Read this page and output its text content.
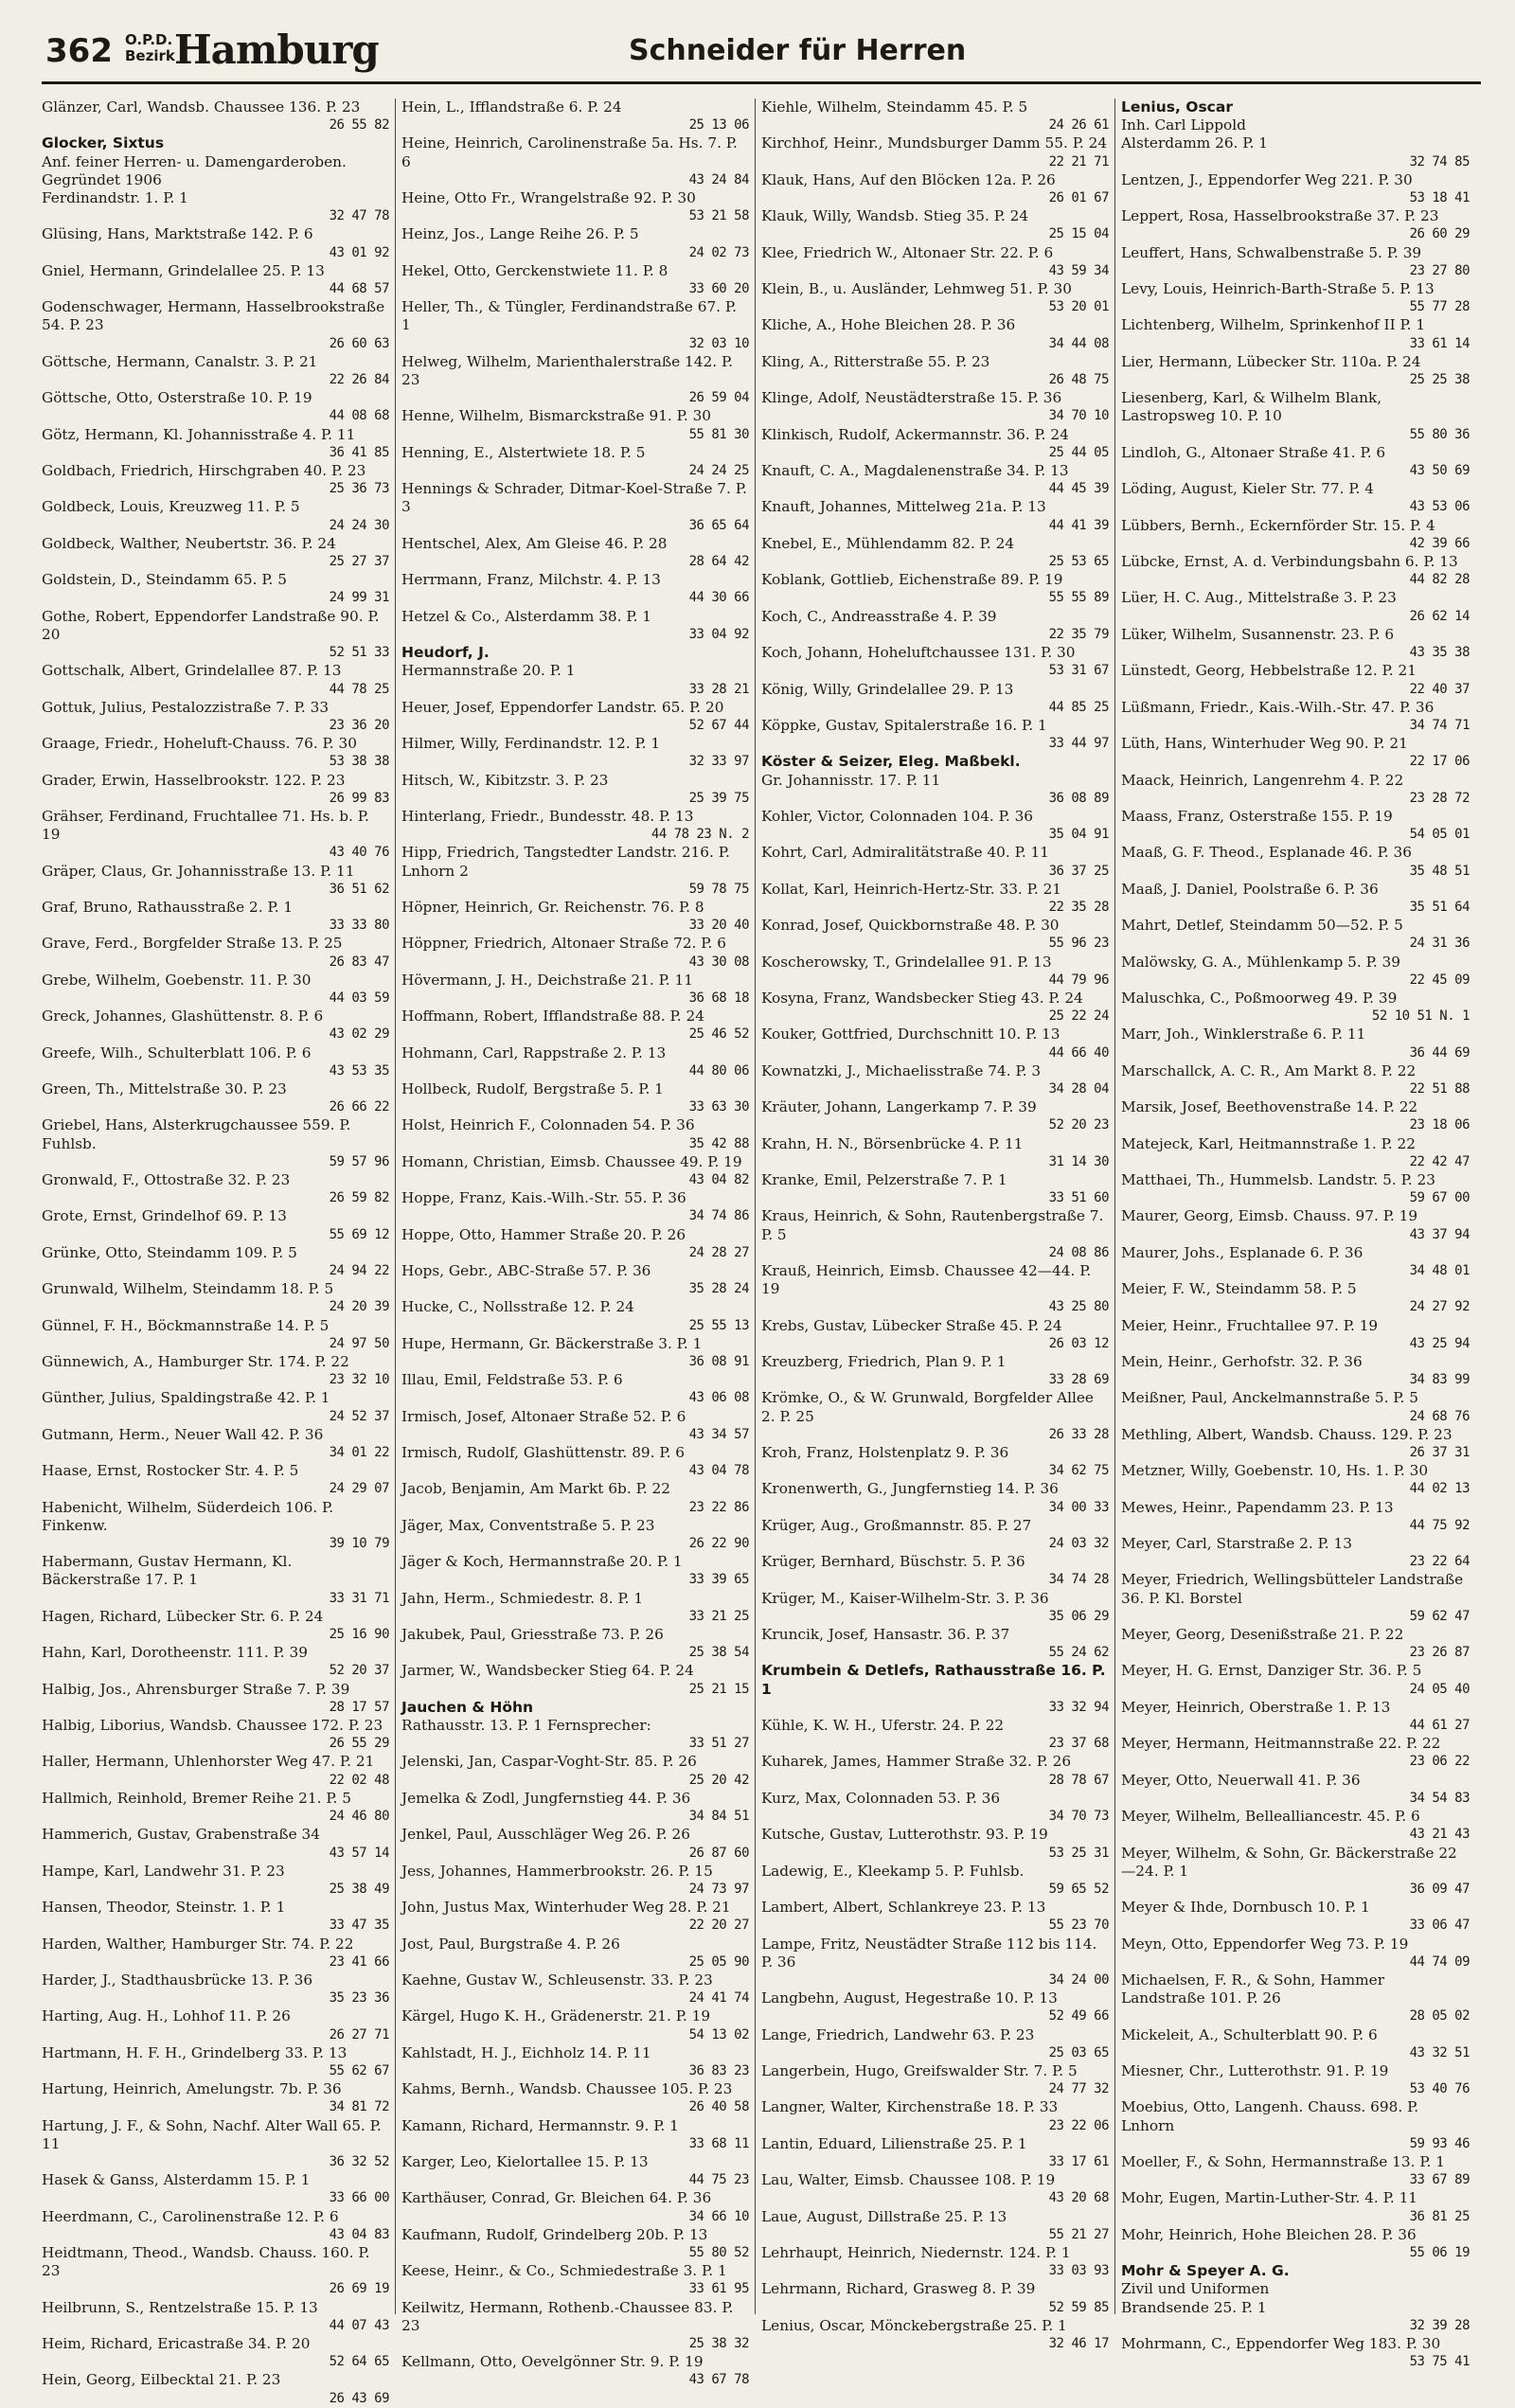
362 O.P.D.
Bezirk Hamburg	Schneider für Herren

Glänzer, Carl, Wandsb. Chaussee 136. P. 23
26 55 82

Glocker, Sixtus

Anf. feiner Herren- u. Damengarderoben. Gegründet 1906

Ferdinandstr. 1. P. 1
32 47 78

Glüsing, Hans, Marktstraße 142. P. 6
43 01 92

Gniel, Hermann, Grindelallee 25. P. 13
44 68 57

Godenschwager, Hermann, Hasselbrookstraße 54. P. 23
26 60 63

Göttsche, Hermann, Canalstr. 3. P. 21
22 26 84

Göttsche, Otto, Osterstraße 10. P. 19
44 08 68

Götz, Hermann, Kl. Johannisstraße 4. P. 11
36 41 85

Goldbach, Friedrich, Hirschgraben 40. P. 23
25 36 73

Goldbeck, Louis, Kreuzweg 11. P. 5
24 24 30

Goldbeck, Walther, Neubertstr. 36. P. 24
25 27 37

Goldstein, D., Steindamm 65. P. 5
24 99 31

Gothe, Robert, Eppendorfer Landstraße 90. P. 20
52 51 33

Gottschalk, Albert, Grindelallee 87. P. 13
44 78 25

Gottuk, Julius, Pestalozzistraße 7. P. 33
23 36 20

Graage, Friedr., Hoheluft-Chauss. 76. P. 30
53 38 38

Grader, Erwin, Hasselbrookstr. 122. P. 23
26 99 83

Grähser, Ferdinand, Fruchtallee 71. Hs. b. P. 19
43 40 76

Gräper, Claus, Gr. Johannisstraße 13. P. 11
36 51 62

Graf, Bruno, Rathausstraße 2. P. 1
33 33 80

Grave, Ferd., Borgfelder Straße 13. P. 25
26 83 47

Grebe, Wilhelm, Goebenstr. 11. P. 30
44 03 59

Greck, Johannes, Glashüttenstr. 8. P. 6
43 02 29

Greefe, Wilh., Schulterblatt 106. P. 6
43 53 35

Green, Th., Mittelstraße 30. P. 23
26 66 22

Griebel, Hans, Alsterkrugchaussee 559. P. Fuhlsb.
59 57 96

Gronwald, F., Ottostraße 32. P. 23
26 59 82

Grote, Ernst, Grindelhof 69. P. 13
55 69 12

Grünke, Otto, Steindamm 109. P. 5
24 94 22

Grunwald, Wilhelm, Steindamm 18. P. 5
24 20 39

Günnel, F. H., Böckmannstraße 14. P. 5
24 97 50

Günnewich, A., Hamburger Str. 174. P. 22
23 32 10

Günther, Julius, Spaldingstraße 42. P. 1
24 52 37

Gutmann, Herm., Neuer Wall 42. P. 36
34 01 22

Haase, Ernst, Rostocker Str. 4. P. 5
24 29 07

Habenicht, Wilhelm, Süderdeich 106. P. Finkenw.
39 10 79

Habermann, Gustav Hermann, Kl. Bäckerstraße 17. P. 1
33 31 71

Hagen, Richard, Lübecker Str. 6. P. 24
25 16 90

Hahn, Karl, Dorotheenstr. 111. P. 39
52 20 37

Halbig, Jos., Ahrensburger Straße 7. P. 39
28 17 57

Halbig, Liborius, Wandsb. Chaussee 172. P. 23
26 55 29

Haller, Hermann, Uhlenhorster Weg 47. P. 21
22 02 48

Hallmich, Reinhold, Bremer Reihe 21. P. 5
24 46 80

Hammerich, Gustav, Grabenstraße 34
43 57 14

Hampe, Karl, Landwehr 31. P. 23
25 38 49

Hansen, Theodor, Steinstr. 1. P. 1
33 47 35

Harden, Walther, Hamburger Str. 74. P. 22
23 41 66

Harder, J., Stadthausbrücke 13. P. 36
35 23 36

Harting, Aug. H., Lohhof 11. P. 26
26 27 71

Hartmann, H. F. H., Grindelberg 33. P. 13
55 62 67

Hartung, Heinrich, Amelungstr. 7b. P. 36
34 81 72

Hartung, J. F., & Sohn, Nachf. Alter Wall 65. P. 11
36 32 52

Hasek & Ganss, Alsterdamm 15. P. 1
33 66 00

Heerdmann, C., Carolinenstraße 12. P. 6
43 04 83

Heidtmann, Theod., Wandsb. Chauss. 160. P. 23
26 69 19

Heilbrunn, S., Rentzelstraße 15. P. 13
44 07 43

Heim, Richard, Ericastraße 34. P. 20
52 64 65

Hein, Georg, Eilbecktal 21. P. 23
26 43 69

Hein, L., Ifflandstraße 6. P. 24
25 13 06

Heine, Heinrich, Carolinenstraße 5a. Hs. 7. P. 6
43 24 84

Heine, Otto Fr., Wrangelstraße 92. P. 30
53 21 58

Heinz, Jos., Lange Reihe 26. P. 5
24 02 73

Hekel, Otto, Gerckenstwiete 11. P. 8
33 60 20

Heller, Th., & Tüngler, Ferdinandstraße 67. P. 1
32 03 10

Helweg, Wilhelm, Marienthalerstraße 142. P. 23
26 59 04

Henne, Wilhelm, Bismarckstraße 91. P. 30
55 81 30

Henning, E., Alstertwiete 18. P. 5
24 24 25

Hennings & Schrader, Ditmar-Koel-Straße 7. P. 3
36 65 64

Hentschel, Alex, Am Gleise 46. P. 28
28 64 42

Herrmann, Franz, Milchstr. 4. P. 13
44 30 66

Hetzel & Co., Alsterdamm 38. P. 1
33 04 92

Heudorf, J.

Hermannstraße 20. P. 1
33 28 21

Heuer, Josef, Eppendorfer Landstr. 65. P. 20
52 67 44

Hilmer, Willy, Ferdinandstr. 12. P. 1
32 33 97

Hitsch, W., Kibitzstr. 3. P. 23
25 39 75

Hinterlang, Friedr., Bundesstr. 48. P. 13
44 78 23 N. 2

Hipp, Friedrich, Tangstedter Landstr. 216. P. Lnhorn 2
59 78 75

Höpner, Heinrich, Gr. Reichenstr. 76. P. 8
33 20 40

Höppner, Friedrich, Altonaer Straße 72. P. 6
43 30 08

Hövermann, J. H., Deichstraße 21. P. 11
36 68 18

Hoffmann, Robert, Ifflandstraße 88. P. 24
25 46 52

Hohmann, Carl, Rappstraße 2. P. 13
44 80 06

Hollbeck, Rudolf, Bergstraße 5. P. 1
33 63 30

Holst, Heinrich F., Colonnaden 54. P. 36
35 42 88

Homann, Christian, Eimsb. Chaussee 49. P. 19
43 04 82

Hoppe, Franz, Kais.-Wilh.-Str. 55. P. 36
34 74 86

Hoppe, Otto, Hammer Straße 20. P. 26
24 28 27

Hops, Gebr., ABC-Straße 57. P. 36
35 28 24

Hucke, C., Nollsstraße 12. P. 24
25 55 13

Hupe, Hermann, Gr. Bäckerstraße 3. P. 1
36 08 91

Illau, Emil, Feldstraße 53. P. 6
43 06 08

Irmisch, Josef, Altonaer Straße 52. P. 6
43 34 57

Irmisch, Rudolf, Glashüttenstr. 89. P. 6
43 04 78

Jacob, Benjamin, Am Markt 6b. P. 22
23 22 86

Jäger, Max, Conventstraße 5. P. 23
26 22 90

Jäger & Koch, Hermannstraße 20. P. 1
33 39 65

Jahn, Herm., Schmiedestr. 8. P. 1
33 21 25

Jakubek, Paul, Griesstraße 73. P. 26
25 38 54

Jarmer, W., Wandsbecker Stieg 64. P. 24
25 21 15

Jauchen & Höhn

Rathausstr. 13. P. 1 Fernsprecher:
33 51 27

Jelenski, Jan, Caspar-Voght-Str. 85. P. 26
25 20 42

Jemelka & Zodl, Jungfernstieg 44. P. 36
34 84 51

Jenkel, Paul, Ausschläger Weg 26. P. 26
26 87 60

Jess, Johannes, Hammerbrookstr. 26. P. 15
24 73 97

John, Justus Max, Winterhuder Weg 28. P. 21
22 20 27

Jost, Paul, Burgstraße 4. P. 26
25 05 90

Kaehne, Gustav W., Schleusenstr. 33. P. 23
24 41 74

Kärgel, Hugo K. H., Grädenerstr. 21. P. 19
54 13 02

Kahlstadt, H. J., Eichholz 14. P. 11
36 83 23

Kahms, Bernh., Wandsb. Chaussee 105. P. 23
26 40 58

Kamann, Richard, Hermannstr. 9. P. 1
33 68 11

Karger, Leo, Kielortallee 15. P. 13
44 75 23

Karthäuser, Conrad, Gr. Bleichen 64. P. 36
34 66 10

Kaufmann, Rudolf, Grindelberg 20b. P. 13
55 80 52

Keese, Heinr., & Co., Schmiedestraße 3. P. 1
33 61 95

Keilwitz, Hermann, Rothenb.-Chaussee 83. P. 23
25 38 32

Kellmann, Otto, Oevelgönner Str. 9. P. 19
43 67 78

Kiehle, Wilhelm, Steindamm 45. P. 5
24 26 61

Kirchhof, Heinr., Mundsburger Damm 55. P. 24
22 21 71

Klauk, Hans, Auf den Blöcken 12a. P. 26
26 01 67

Klauk, Willy, Wandsb. Stieg 35. P. 24
25 15 04

Klee, Friedrich W., Altonaer Str. 22. P. 6
43 59 34

Klein, B., u. Ausländer, Lehmweg 51. P. 30
53 20 01

Kliche, A., Hohe Bleichen 28. P. 36
34 44 08

Kling, A., Ritterstraße 55. P. 23
26 48 75

Klinge, Adolf, Neustädterstraße 15. P. 36
34 70 10

Klinkisch, Rudolf, Ackermannstr. 36. P. 24
25 44 05

Knauft, C. A., Magdalenenstraße 34. P. 13
44 45 39

Knauft, Johannes, Mittelweg 21a. P. 13
44 41 39

Knebel, E., Mühlendamm 82. P. 24
25 53 65

Koblank, Gottlieb, Eichenstraße 89. P. 19
55 55 89

Koch, C., Andreasstraße 4. P. 39
22 35 79

Koch, Johann, Hoheluftchaussee 131. P. 30
53 31 67

König, Willy, Grindelallee 29. P. 13
44 85 25

Köppke, Gustav, Spitalerstraße 16. P. 1
33 44 97

Köster & Seizer, Eleg. Maßbekl.

Gr. Johannisstr. 17. P. 11
36 08 89

Kohler, Victor, Colonnaden 104. P. 36
35 04 91

Kohrt, Carl, Admiralitätstraße 40. P. 11
36 37 25

Kollat, Karl, Heinrich-Hertz-Str. 33. P. 21
22 35 28

Konrad, Josef, Quickbornstraße 48. P. 30
55 96 23

Koscherowsky, T., Grindelallee 91. P. 13
44 79 96

Kosyna, Franz, Wandsbecker Stieg 43. P. 24
25 22 24

Kouker, Gottfried, Durchschnitt 10. P. 13
44 66 40

Kownatzki, J., Michaelisstraße 74. P. 3
34 28 04

Kräuter, Johann, Langerkamp 7. P. 39
52 20 23

Krahn, H. N., Börsenbrücke 4. P. 11
31 14 30

Kranke, Emil, Pelzerstraße 7. P. 1
33 51 60

Kraus, Heinrich, & Sohn, Rautenbergstraße 7. P. 5
24 08 86

Krauß, Heinrich, Eimsb. Chaussee 42—44. P. 19
43 25 80

Krebs, Gustav, Lübecker Straße 45. P. 24
26 03 12

Kreuzberg, Friedrich, Plan 9. P. 1
33 28 69

Krömke, O., & W. Grunwald, Borgfelder Allee 2. P. 25
26 33 28

Kroh, Franz, Holstenplatz 9. P. 36
34 62 75

Kronenwerth, G., Jungfernstieg 14. P. 36
34 00 33

Krüger, Aug., Großmannstr. 85. P. 27
24 03 32

Krüger, Bernhard, Büschstr. 5. P. 36
34 74 28

Krüger, M., Kaiser-Wilhelm-Str. 3. P. 36
35 06 29

Kruncik, Josef, Hansastr. 36. P. 37
55 24 62

Krumbein & Detlefs, Rathausstraße 16. P. 1
33 32 94

Kühle, K. W. H., Uferstr. 24. P. 22
23 37 68

Kuharek, James, Hammer Straße 32. P. 26
28 78 67

Kurz, Max, Colonnaden 53. P. 36
34 70 73

Kutsche, Gustav, Lutterothstr. 93. P. 19
53 25 31

Ladewig, E., Kleekamp 5. P. Fuhlsb.
59 65 52

Lambert, Albert, Schlankreye 23. P. 13
55 23 70

Lampe, Fritz, Neustädter Straße 112 bis 114. P. 36
34 24 00

Langbehn, August, Hegestraße 10. P. 13
52 49 66

Lange, Friedrich, Landwehr 63. P. 23
25 03 65

Langerbein, Hugo, Greifswalder Str. 7. P. 5
24 77 32

Langner, Walter, Kirchenstraße 18. P. 33
23 22 06

Lantin, Eduard, Lilienstraße 25. P. 1
33 17 61

Lau, Walter, Eimsb. Chaussee 108. P. 19
43 20 68

Laue, August, Dillstraße 25. P. 13
55 21 27

Lehrhaupt, Heinrich, Niedernstr. 124. P. 1
33 03 93

Lehrmann, Richard, Grasweg 8. P. 39
52 59 85

Lenius, Oscar, Mönckebergstraße 25. P. 1
32 46 17

Lenius, Oscar

Inh. Carl Lippold

Alsterdamm 26. P. 1
32 74 85

Lentzen, J., Eppendorfer Weg 221. P. 30
53 18 41

Leppert, Rosa, Hasselbrookstraße 37. P. 23
26 60 29

Leuffert, Hans, Schwalbenstraße 5. P. 39
23 27 80

Levy, Louis, Heinrich-Barth-Straße 5. P. 13
55 77 28

Lichtenberg, Wilhelm, Sprinkenhof II P. 1
33 61 14

Lier, Hermann, Lübecker Str. 110a. P. 24
25 25 38

Liesenberg, Karl, & Wilhelm Blank, Lastropsweg 10. P. 10
55 80 36

Lindloh, G., Altonaer Straße 41. P. 6
43 50 69

Löding, August, Kieler Str. 77. P. 4
43 53 06

Lübbers, Bernh., Eckernförder Str. 15. P. 4
42 39 66

Lübcke, Ernst, A. d. Verbindungsbahn 6. P. 13
44 82 28

Lüer, H. C. Aug., Mittelstraße 3. P. 23
26 62 14

Lüker, Wilhelm, Susannenstr. 23. P. 6
43 35 38

Lünstedt, Georg, Hebbelstraße 12. P. 21
22 40 37

Lüßmann, Friedr., Kais.-Wilh.-Str. 47. P. 36
34 74 71

Lüth, Hans, Winterhuder Weg 90. P. 21
22 17 06

Maack, Heinrich, Langenrehm 4. P. 22
23 28 72

Maass, Franz, Osterstraße 155. P. 19
54 05 01

Maaß, G. F. Theod., Esplanade 46. P. 36
35 48 51

Maaß, J. Daniel, Poolstraße 6. P. 36
35 51 64

Mahrt, Detlef, Steindamm 50—52. P. 5
24 31 36

Malöwsky, G. A., Mühlenkamp 5. P. 39
22 45 09

Maluschka, C., Poßmoorweg 49. P. 39
52 10 51 N. 1

Marr, Joh., Winklerstraße 6. P. 11
36 44 69

Marschallck, A. C. R., Am Markt 8. P. 22
22 51 88

Marsik, Josef, Beethovenstraße 14. P. 22
23 18 06

Matejeck, Karl, Heitmannstraße 1. P. 22
22 42 47

Matthaei, Th., Hummelsb. Landstr. 5. P. 23
59 67 00

Maurer, Georg, Eimsb. Chauss. 97. P. 19
43 37 94

Maurer, Johs., Esplanade 6. P. 36
34 48 01

Meier, F. W., Steindamm 58. P. 5
24 27 92

Meier, Heinr., Fruchtallee 97. P. 19
43 25 94

Mein, Heinr., Gerhofstr. 32. P. 36
34 83 99

Meißner, Paul, Anckelmannstraße 5. P. 5
24 68 76

Methling, Albert, Wandsb. Chauss. 129. P. 23
26 37 31

Metzner, Willy, Goebenstr. 10, Hs. 1. P. 30
44 02 13

Mewes, Heinr., Papendamm 23. P. 13
44 75 92

Meyer, Carl, Starstraße 2. P. 13
23 22 64

Meyer, Friedrich, Wellingsbütteler Landstraße 36. P. Kl. Borstel
59 62 47

Meyer, Georg, Desenißstraße 21. P. 22
23 26 87

Meyer, H. G. Ernst, Danziger Str. 36. P. 5
24 05 40

Meyer, Heinrich, Oberstraße 1. P. 13
44 61 27

Meyer, Hermann, Heitmannstraße 22. P. 22
23 06 22

Meyer, Otto, Neuerwall 41. P. 36
34 54 83

Meyer, Wilhelm, Bellealliancestr. 45. P. 6
43 21 43

Meyer, Wilhelm, & Sohn, Gr. Bäckerstraße 22—24. P. 1
36 09 47

Meyer & Ihde, Dornbusch 10. P. 1
33 06 47

Meyn, Otto, Eppendorfer Weg 73. P. 19
44 74 09

Michaelsen, F. R., & Sohn, Hammer Landstraße 101. P. 26
28 05 02

Mickeleit, A., Schulterblatt 90. P. 6
43 32 51

Miesner, Chr., Lutterothstr. 91. P. 19
53 40 76

Moebius, Otto, Langenh. Chauss. 698. P. Lnhorn
59 93 46

Moeller, F., & Sohn, Hermannstraße 13. P. 1
33 67 89

Mohr, Eugen, Martin-Luther-Str. 4. P. 11
36 81 25

Mohr, Heinrich, Hohe Bleichen 28. P. 36
55 06 19

Mohr & Speyer A. G.

Zivil und Uniformen

Brandsende 25. P. 1
32 39 28

Mohrmann, C., Eppendorfer Weg 183. P. 30
53 75 41
